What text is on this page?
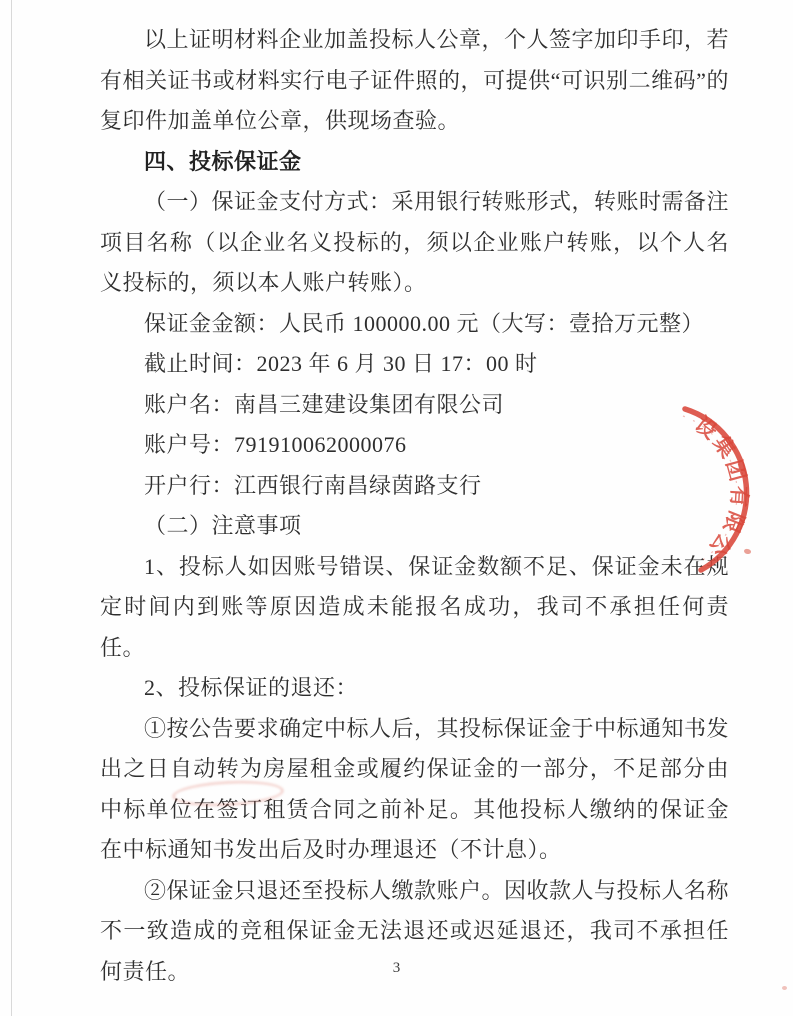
以上证明材料企业加盖投标人公章，个人签字加印手印，若有相关证书或材料实行电子证件照的，可提供“可识别二维码”的复印件加盖单位公章，供现场查验。
四、投标保证金
（一）保证金支付方式：采用银行转账形式，转账时需备注项目名称（以企业名义投标的，须以企业账户转账，以个人名义投标的，须以本人账户转账）。
保证金金额：人民币 100000.00 元（大写：壹拾万元整）
截止时间：2023 年 6 月 30 日 17：00 时
账户名：南昌三建建设集团有限公司
账户号：791910062000076
开户行：江西银行南昌绿茵路支行
（二）注意事项
1、投标人如因账号错误、保证金数额不足、保证金未在规定时间内到账等原因造成未能报名成功，我司不承担任何责任。
2、投标保证的退还：
①按公告要求确定中标人后，其投标保证金于中标通知书发出之日自动转为房屋租金或履约保证金的一部分，不足部分由中标单位在签订租赁合同之前补足。其他投标人缴纳的保证金在中标通知书发出后及时办理退还（不计息）。
②保证金只退还至投标人缴款账户。因收款人与投标人名称不一致造成的竞租保证金无法退还或迟延退还，我司不承担任何责任。
设集团有限公
3
